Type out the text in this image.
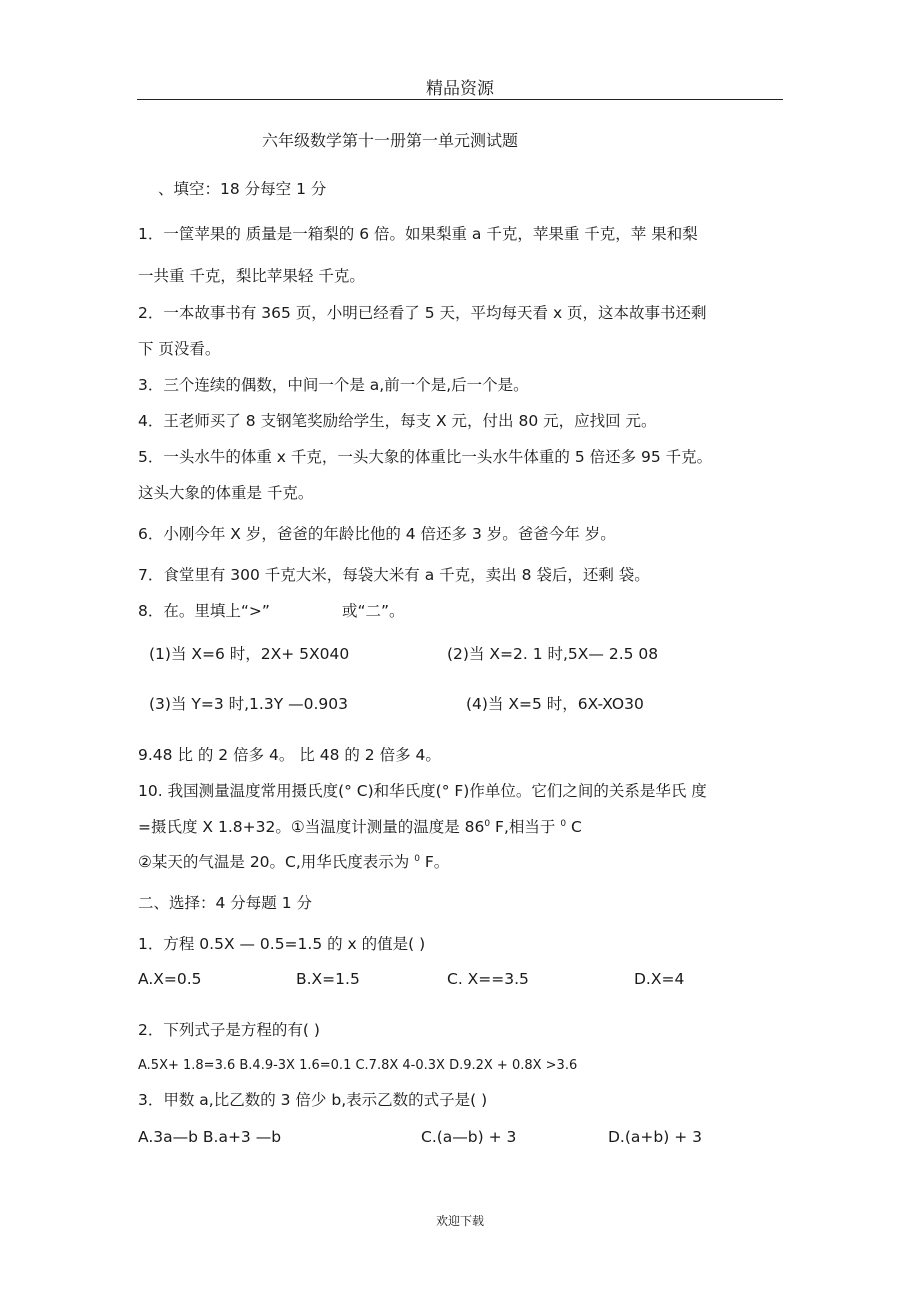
精品资源
六年级数学第十一册第一单元测试题
、填空：18 分每空 1 分
1．一筐苹果的 质量是一箱梨的 6 倍。如果梨重 a 千克，苹果重 千克，苹 果和梨
一共重 千克，梨比苹果轻 千克。
2．一本故事书有 365 页，小明已经看了 5 天，平均每天看 x 页，这本故事书还剩
下 页没看。
3．三个连续的偶数，中间一个是 a,前一个是,后一个是。
4．王老师买了 8 支钢笔奖励给学生，每支 X 元，付出 80 元，应找回 元。
5．一头水牛的体重 x 千克，一头大象的体重比一头水牛体重的 5 倍还多 95 千克。
这头大象的体重是 千克。
6．小刚今年 X 岁，爸爸的年龄比他的 4 倍还多 3 岁。爸爸今年 岁。
7．食堂里有 300 千克大米，每袋大米有 a 千克，卖出 8 袋后，还剩 袋。
8．在。里填上“>”	或“二”。
(1)当 X=6 时，2X+ 5X040	(2)当 X=2. 1 时,5X— 2.5 08
(3)当 Y=3 时,1.3Y —0.903	(4)当 X=5 时，6X-XO30
9.48 比 的 2 倍多 4。 比 48 的 2 倍多 4。
10. 我国测量温度常用摄氏度(° C)和华氏度(° F)作单位。它们之间的关系是华氏 度
=摄氏度 X 1.8+32。①当温度计测量的温度是 $86^0$ F,相当于 $^0$ C
②某天的气温是 20。C,用华氏度表示为 $^0$ F。
二、选择：4 分每题 1 分
1．方程 0.5X — 0.5=1.5 的 x 的值是( )
A.X=0.5	B.X=1.5	C. X==3.5	D.X=4
2．下列式子是方程的有( )
A.5X+ 1.8=3.6 B.4.9-3X 1.6=0.1 C.7.8X 4-0.3X D.9.2X + 0.8X >3.6
3．甲数 a,比乙数的 3 倍少 b,表示乙数的式子是( )
A.3a—b B.a+3 —b	C.(a—b) + 3	D.(a+b) + 3
欢迎下载
